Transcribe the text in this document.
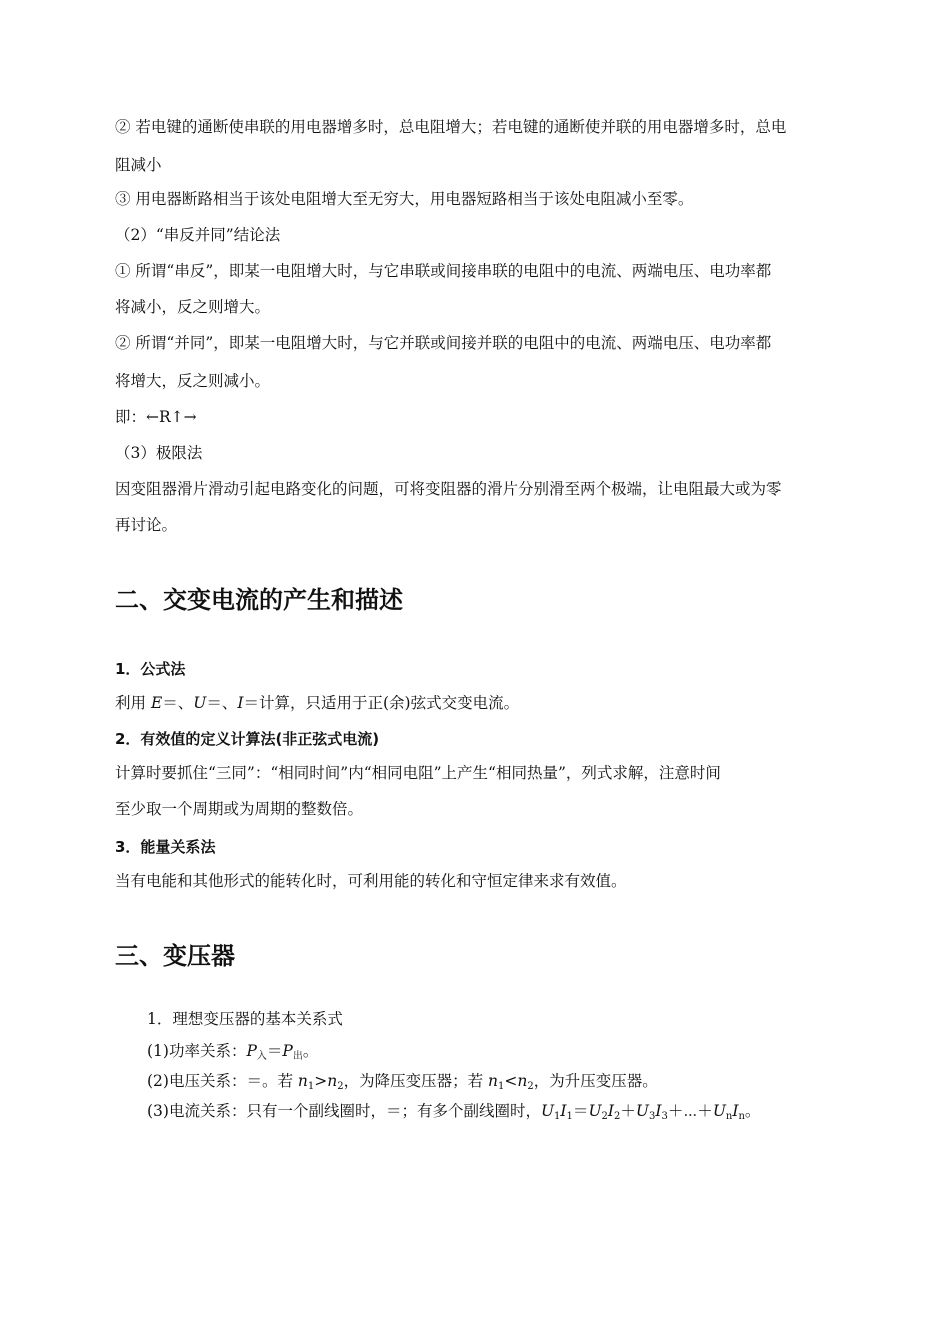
② 若电键的通断使串联的用电器增多时，总电阻增大；若电键的通断使并联的用电器增多时，总电
阻减小
③ 用电器断路相当于该处电阻增大至无穷大，用电器短路相当于该处电阻减小至零。
（2）“串反并同”结论法
① 所谓“串反”，即某一电阻增大时，与它串联或间接串联的电阻中的电流、两端电压、电功率都
将减小，反之则增大。
② 所谓“并同”，即某一电阻增大时，与它并联或间接并联的电阻中的电流、两端电压、电功率都
将增大，反之则减小。
即：←R↑→
（3）极限法
因变阻器滑片滑动引起电路变化的问题，可将变阻器的滑片分别滑至两个极端，让电阻最大或为零
再讨论。
二、交变电流的产生和描述
1．公式法
利用 E＝、U＝、I＝计算，只适用于正(余)弦式交变电流。
2．有效值的定义计算法(非正弦式电流)
计算时要抓住“三同”：“相同时间”内“相同电阻”上产生“相同热量”，列式求解，注意时间
至少取一个周期或为周期的整数倍。
3．能量关系法
当有电能和其他形式的能转化时，可利用能的转化和守恒定律来求有效值。
三、变压器
1．理想变压器的基本关系式
(1)功率关系：$P_入=P_出$。
(2)电压关系：＝。若 $n_1>n_2$，为降压变压器；若 $n_1<n_2$，为升压变压器。
(3)电流关系：只有一个副线圈时，＝；有多个副线圈时，$U_1I_1=U_2I_2+U_3I_3+\cdots+U_nI_n$。
